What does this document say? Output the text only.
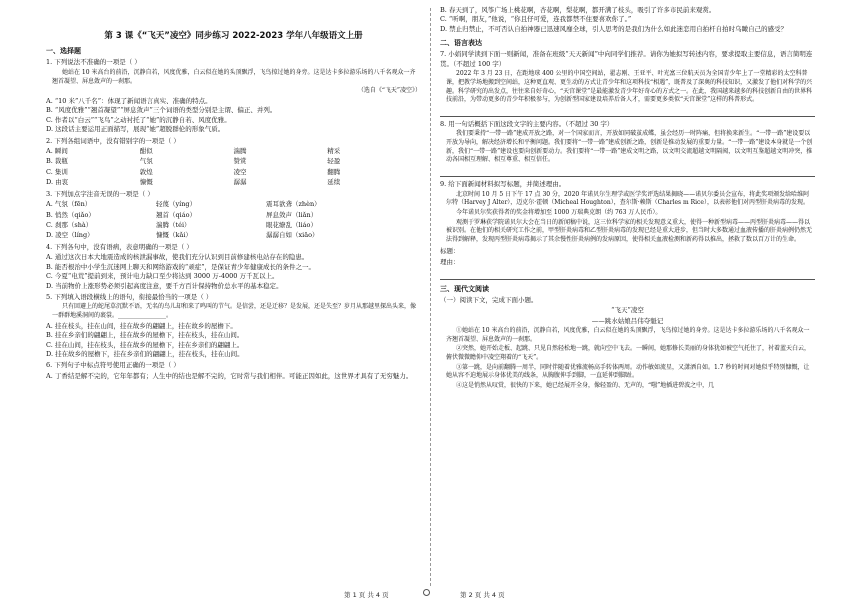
第 3 课《“飞天”凌空》同步练习 2022-2023 学年八年级语文上册
一、选择题
1. 下列说法不准确的一项是（ ）
她站在 10 米高台的前沿，沉静自若，风度优雅，白云似在她的头顶飘浮，飞鸟掠过她的身旁。这是达卡多拉游乐场的八千名观众一齐翘首凝望、屏息敛声的一刹那。
（选自《“飞天”凌空》）
A. “10 米”八千名”：体现了新闻语言真实、准确的特点。
B. “风度优雅”“翘首凝望”“屏息敛声”三个词语的类型分别是主谓、偏正、并列。
C. 作者以“白云”“飞鸟”之动衬托了“她”的沉静自若、风度优雅。
D. 这段话主要运用正面描写，展现“她”超脱群伦的形象气质。
2. 下列各组词语中，没有错别字的一项是（ ）
A. 瞬间	酣似	湍腾	精采
B. 裁瓶	气氛	赞赏	轻盈
C. 集训	敦煌	凌空	翻腾
D. 由衷	慷慨	潺潺	延续
3. 下列加点字注音无误的一项是（ ）
A. 气氛（fēn）	轻蔑（yíng）	震耳欲聋（zhèn）
B. 悄然（qiǎo）	翘首（qiáo）	屏息敛声（liǎn）
C. 刹那（shà）	湍腾（téi）	眼花缭乱（liáo）
D. 凌空（líng）	慷慨（kǎi）	潺潺自如（xiāo）
4. 下列各句中，没有语病，表意明确的一项是（ ）
A. 通过这次日本大地震造成的核泄漏事故，使我们充分认识到目前修建核电站存在的隐患。
B. 能否根治中小学生沉迷网上聊天和网络游戏的“顽症”，是保证青少年健康成长的条件之一。
C. 今夏“电荒”提前到来，预计电力缺口至少将达到 3000 万-4000 万千瓦以上。
D. 当前物价上涨形势必须引起高度注意，要千方百计保持物价总水平的基本稳定。
5. 下列填入语段横线上的语句，衔接最恰当的一项是（ ）
只有回避上的蛇尾草沉默不语，无名的鸟儿却和来了鸣叫的节气。是信尝，还是迁移？是发展，还是失至？岁月从那越里探出头来，像一群群地溪洞间的裹裳。________________。
A. 挂在枝头，挂在山间，挂在故乡的翩翩上，挂在故乡的屋檐下。
B. 挂在乡亲们的翩翩上，挂在故乡的屋檐下，挂在枝头，挂在山间。
C. 挂在山间，挂在枝头，挂在故乡的屋檐下，挂在乡亲们的翩翩上。
D. 挂在故乡的屋檐下，挂在乡亲们的翩翩上，挂在枝头，挂在山间。
6. 下列句子中标点符号使用正确的一项是（ ）
A. 丁香结是解不完的，它年年都有；人生中的结也是解不完的，它时常与我们相伴。可能正因如此，这世界才具有了无穷魅力。
B. 春天到了，风筝广场上桃花啊，杏花啊，梨花啊，都开满了枝头，吸引了许多市民前来观赏。
C. “听啊，朋友，”他说，“你且仔可爱，连我都禁不住要喜欢你了。”
D. 禁止归禁止，不可否认自拍神器已迅速风靡全球，引人思考的是我们为什么如此迷恋用自拍杆自拍时乌瞰自己的感受？
二、语言表达
7. 小娟同学读到下面一则新闻，准备在班级“天天新闻”中向同学们推荐。请你为她拟写转述内容，要求提取主要信息，语言简明连贯。（不超过 100 字）
2022 年 3 月 23 日，在距地球 400 公里的中国空间站，翟志刚、王亚平、叶光富三位航天员为全国青少年上了一堂精彩的太空科普课，把教学场地搬到空间站，这种更直观、更生动的方式让青少年和这项科技“相遇”，既普及了深奥的科技知识，又激发了他们对科学的兴趣。科学研究的出发点，往往来自好奇心，“天宫课堂”是最能激发青少年好奇心的方式之一。在此，我国越来越多的科技创新自由的世界科技前沿，为带动更多的青少年积极参与，为创新型国家建设培养后备人才，需要更多类似“天宫课堂”这样的科普形式。
8. 用一句话概括下面这段文字的主要内容。（不超过 30 字）
我们要秉持“一带一路”建成开放之路，对一个国家而言，开放如同破茧成蝶，虽会经历一时阵痛，但将换来新生。“一带一路”建设要以开放为导向，解决经济增长和平衡问题。我们要将“一带一路”建成创新之路，创新是推动发展的重要力量。“一带一路”建设本身就是一个创新，我们“一带一路”建设也要向创新要动力。我们要将“一带一路”建成文明之路，以文明交流超越文明隔阂，以文明互鉴超越文明冲突，推动各国相互理解、相互尊重、相互信任。
9. 给下面新闻材料拟写标题，并简述理由。
北京时间 10 月 5 日下午 17 点 30 分，2020 年诺贝尔生理学或医学奖评选结果揭晓——诺贝尔委员会宣布，将此奖项颁发给哈维阿尔特（Harvey J Alter），迈克尔·霍顿（Micheal Houghton），查尔斯·赖斯（Charles m Rice），以表彰他们对丙型肝炎病毒的发现。
今年诺贝尔奖获得者的奖金将增加至 1000 万瑞典克朗（约 763 万人民币）。
观测于罗琳获学院诺贝尔大会在当日的新闻稿中说，这三位科学家的相关发现意义重大，使得一种新型病毒——丙型肝炎病毒——得以被识别。在他们的相关研究工作之前，甲型肝炎病毒和乙型肝炎病毒的发现已经是重大进步，但当时大多数通过血液传播的肝炎病例仍然无法得到解释，发现丙型肝炎病毒揭示了其余慢性肝炎病例的发病原因，使得相关血液检测和新药得以推出，拯救了数以百万计的生命。
标题：
理由：
三、现代文阅读
（一）阅读下文，完成下面小题。
“飞天”凌空
——跳水姑娘吕伟夺魁记
①她站在 10 米高台的前沿，沉静自若，风度优雅，白云似在她的头顶飘浮，飞鸟掠过她的身旁。这是达卡多拉游乐场的八千名观众一齐翘首凝望、屏息敛声的一刹那。
②突然，她开始走板、起跳、只见自然轻松地一跳，就向空中飞去。一瞬间，她那修长美丽的身体犹如被空气托住了，衬着蓝天白云，俯伏微微瞻仰中凌空翔着的“飞天”。
③第一跳，是向前翻腾一周半，同时伴随着优雅流畅高手转体两周。动作敏如流星，又潇洒自如。1.7 秒的时间对她似乎特别慷慨，让她从容不迫地展示身体优美的线条，从胸腹伸手到脚，一直延伸到脚趾。
④这是悄然从叹赏，很快的下来，她已经展开全身，像轻盈的、无声的，“嗤”地插进碧波之中，几
第 1 页 共 4 页	第 2 页 共 4 页
